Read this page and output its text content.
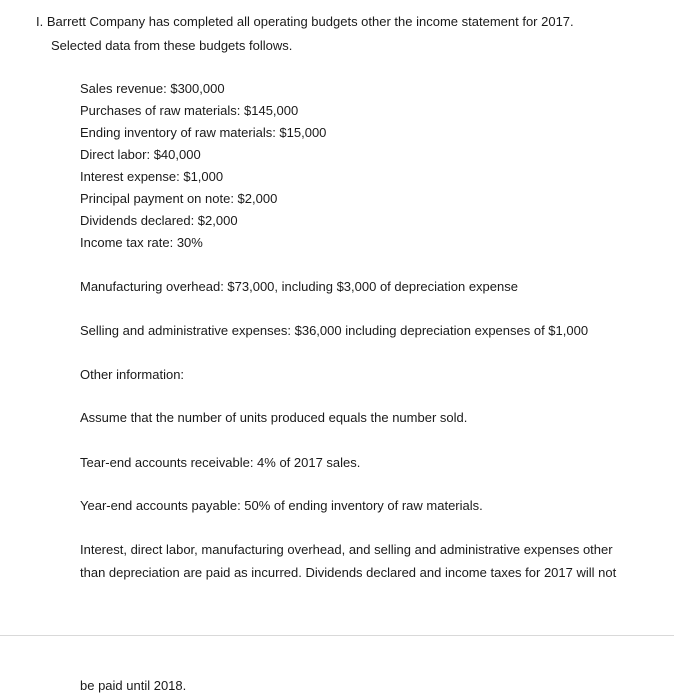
I. Barrett Company has completed all operating budgets other the income statement for 2017.
Selected data from these budgets follows.
Sales revenue: $300,000
Purchases of raw materials: $145,000
Ending inventory of raw materials: $15,000
Direct labor: $40,000
Interest expense: $1,000
Principal payment on note: $2,000
Dividends declared: $2,000
Income tax rate: 30%
Manufacturing overhead: $73,000, including $3,000 of depreciation expense
Selling and administrative expenses: $36,000 including depreciation expenses of $1,000
Other information:
Assume that the number of units produced equals the number sold.
Tear-end accounts receivable: 4% of 2017 sales.
Year-end accounts payable: 50% of ending inventory of raw materials.
Interest, direct labor, manufacturing overhead, and selling and administrative expenses other
than depreciation are paid as incurred. Dividends declared and income taxes for 2017 will not
be paid until 2018.
